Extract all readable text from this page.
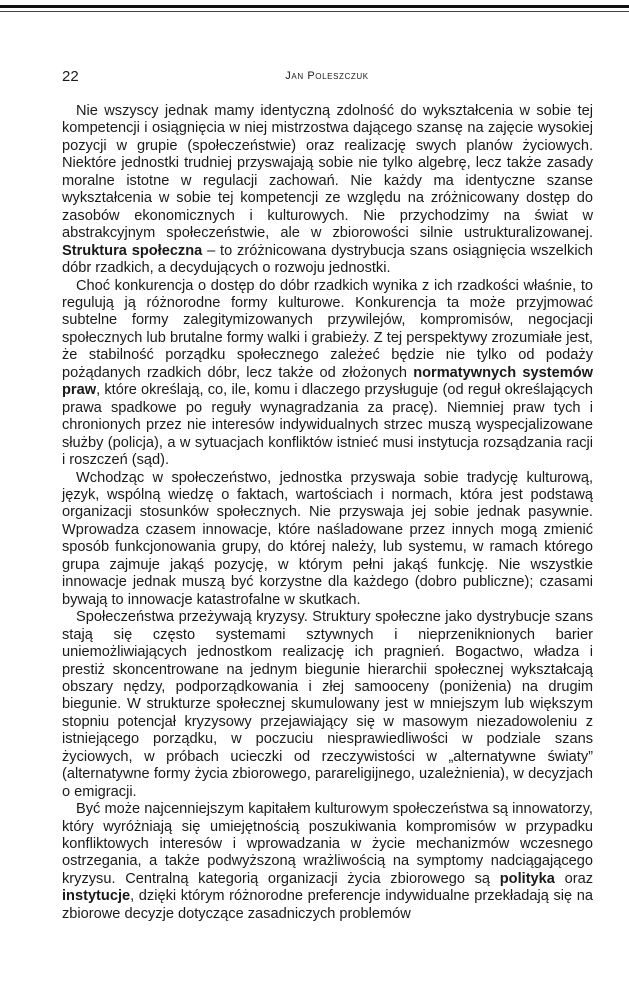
22	Jan Poleszczuk

Nie wszyscy jednak mamy identyczną zdolność do wykształcenia w sobie tej kompetencji i osiągnięcia w niej mistrzostwa dającego szansę na zajęcie wysokiej pozycji w grupie (społeczeństwie) oraz realizację swych planów życiowych. Niektóre jednostki trudniej przyswajają sobie nie tylko algebrę, lecz także zasady moralne istotne w regulacji zachowań. Nie każdy ma identyczne szanse wykształcenia w sobie tej kompetencji ze względu na zróżnicowany dostęp do zasobów ekonomicznych i kulturowych. Nie przychodzimy na świat w abstrakcyjnym społeczeństwie, ale w zbiorowości silnie ustrukturalizowanej. Struktura społeczna – to zróżnicowana dystrybucja szans osiągnięcia wszelkich dóbr rzadkich, a decydujących o rozwoju jednostki.

Choć konkurencja o dostęp do dóbr rzadkich wynika z ich rzadkości właśnie, to regulują ją różnorodne formy kulturowe. Konkurencja ta może przyjmować subtelne formy zalegitymizowanych przywilejów, kompromisów, negocjacji społecznych lub brutalne formy walki i grabieży. Z tej perspektywy zrozumiałe jest, że stabilność porządku społecznego zależeć będzie nie tylko od podaży pożądanych rzadkich dóbr, lecz także od złożonych normatywnych systemów praw, które określają, co, ile, komu i dlaczego przysługuje (od reguł określających prawa spadkowe po reguły wynagradzania za pracę). Niemniej praw tych i chronionych przez nie interesów indywidualnych strzec muszą wyspecjalizowane służby (policja), a w sytuacjach konfliktów istnieć musi instytucja rozsądzania racji i roszczeń (sąd).

Wchodząc w społeczeństwo, jednostka przyswaja sobie tradycję kulturową, język, wspólną wiedzę o faktach, wartościach i normach, która jest podstawą organizacji stosunków społecznych. Nie przyswaja jej sobie jednak pasywnie. Wprowadza czasem innowacje, które naśladowane przez innych mogą zmienić sposób funkcjonowania grupy, do której należy, lub systemu, w ramach którego grupa zajmuje jakąś pozycję, w którym pełni jakąś funkcję. Nie wszystkie innowacje jednak muszą być korzystne dla każdego (dobro publiczne); czasami bywają to innowacje katastrofalne w skutkach.

Społeczeństwa przeżywają kryzysy. Struktury społeczne jako dystrybucje szans stają się często systemami sztywnych i nieprzeniknionych barier uniemożliwiających jednostkom realizację ich pragnień. Bogactwo, władza i prestiż skoncentrowane na jednym biegunie hierarchii społecznej wykształcają obszary nędzy, podporządkowania i złej samooceny (poniżenia) na drugim biegunie. W strukturze społecznej skumulowany jest w mniejszym lub większym stopniu potencjał kryzysowy przejawiający się w masowym niezadowoleniu z istniejącego porządku, w poczuciu niesprawiedliwości w podziale szans życiowych, w próbach ucieczki od rzeczywistości w „alternatywne światy” (alternatywne formy życia zbiorowego, parareligijnego, uzależnienia), w decyzjach o emigracji.

Być może najcenniejszym kapitałem kulturowym społeczeństwa są innowatorzy, który wyróżniają się umiejętnością poszukiwania kompromisów w przypadku konfliktowych interesów i wprowadzania w życie mechanizmów wczesnego ostrzegania, a także podwyższoną wrażliwością na symptomy nadciągającego kryzysu. Centralną kategorią organizacji życia zbiorowego są polityka oraz instytucje, dzięki którym różnorodne preferencje indywidualne przekładają się na zbiorowe decyzje dotyczące zasadniczych problemów
